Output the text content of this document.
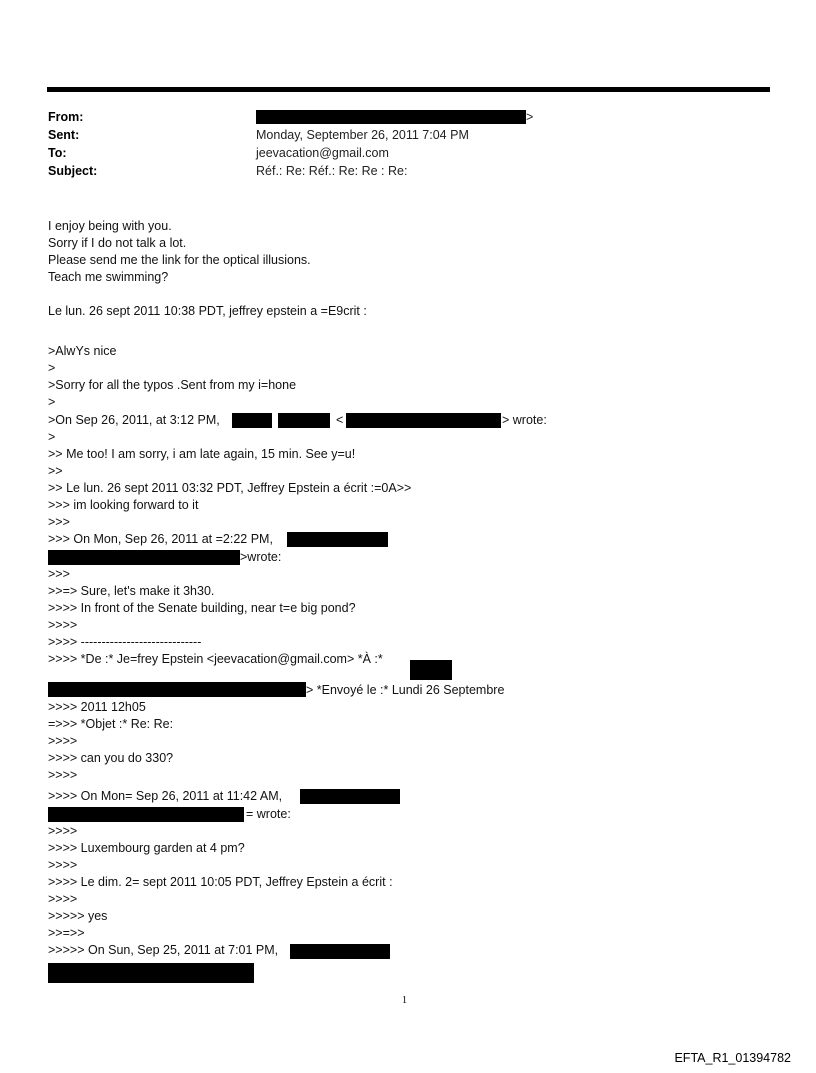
From:	>
Sent:	Monday, September 26, 2011 7:04 PM
To:	jeevacation@gmail.com
Subject:	Réf.: Re: Réf.: Re: Re : Re:
I enjoy being with you.
Sorry if I do not talk a lot.
Please send me the link for the optical illusions.
Teach me swimming?
Le lun. 26 sept 2011 10:38 PDT, jeffrey epstein a =E9crit :
>AlwYs nice
>
>Sorry for all the typos .Sent from my i=hone
>
>On Sep 26, 2011, at 3:12 PM,	<	> wrote:
>
>> Me too! I am sorry, i am late again, 15 min. See y=u!
>>
>> Le lun. 26 sept 2011 03:32 PDT, Jeffrey Epstein a écrit :=0A>>
>>> im looking forward to it
>>>
>>> On Mon, Sep 26, 2011 at =2:22 PM,
>wrote:
>>>
>>=> Sure, let's make it 3h30.
>>>> In front of the Senate building, near t=e big pond?
>>>>
>>>> -----------------------------
>>>> *De :* Je=frey Epstein <jeevacation@gmail.com> *À :*
> *Envoyé le :* Lundi 26 Septembre
>>>> 2011 12h05
=>>> *Objet :* Re: Re:
>>>>
>>>> can you do 330?
>>>>
>>>> On Mon= Sep 26, 2011 at 11:42 AM,
= wrote:
>>>>
>>>> Luxembourg garden at 4 pm?
>>>>
>>>> Le dim. 2= sept 2011 10:05 PDT, Jeffrey Epstein a écrit :
>>>>
>>>>> yes
>>=>>
>>>>> On Sun, Sep 25, 2011 at 7:01 PM,
1
EFTA_R1_01394782
